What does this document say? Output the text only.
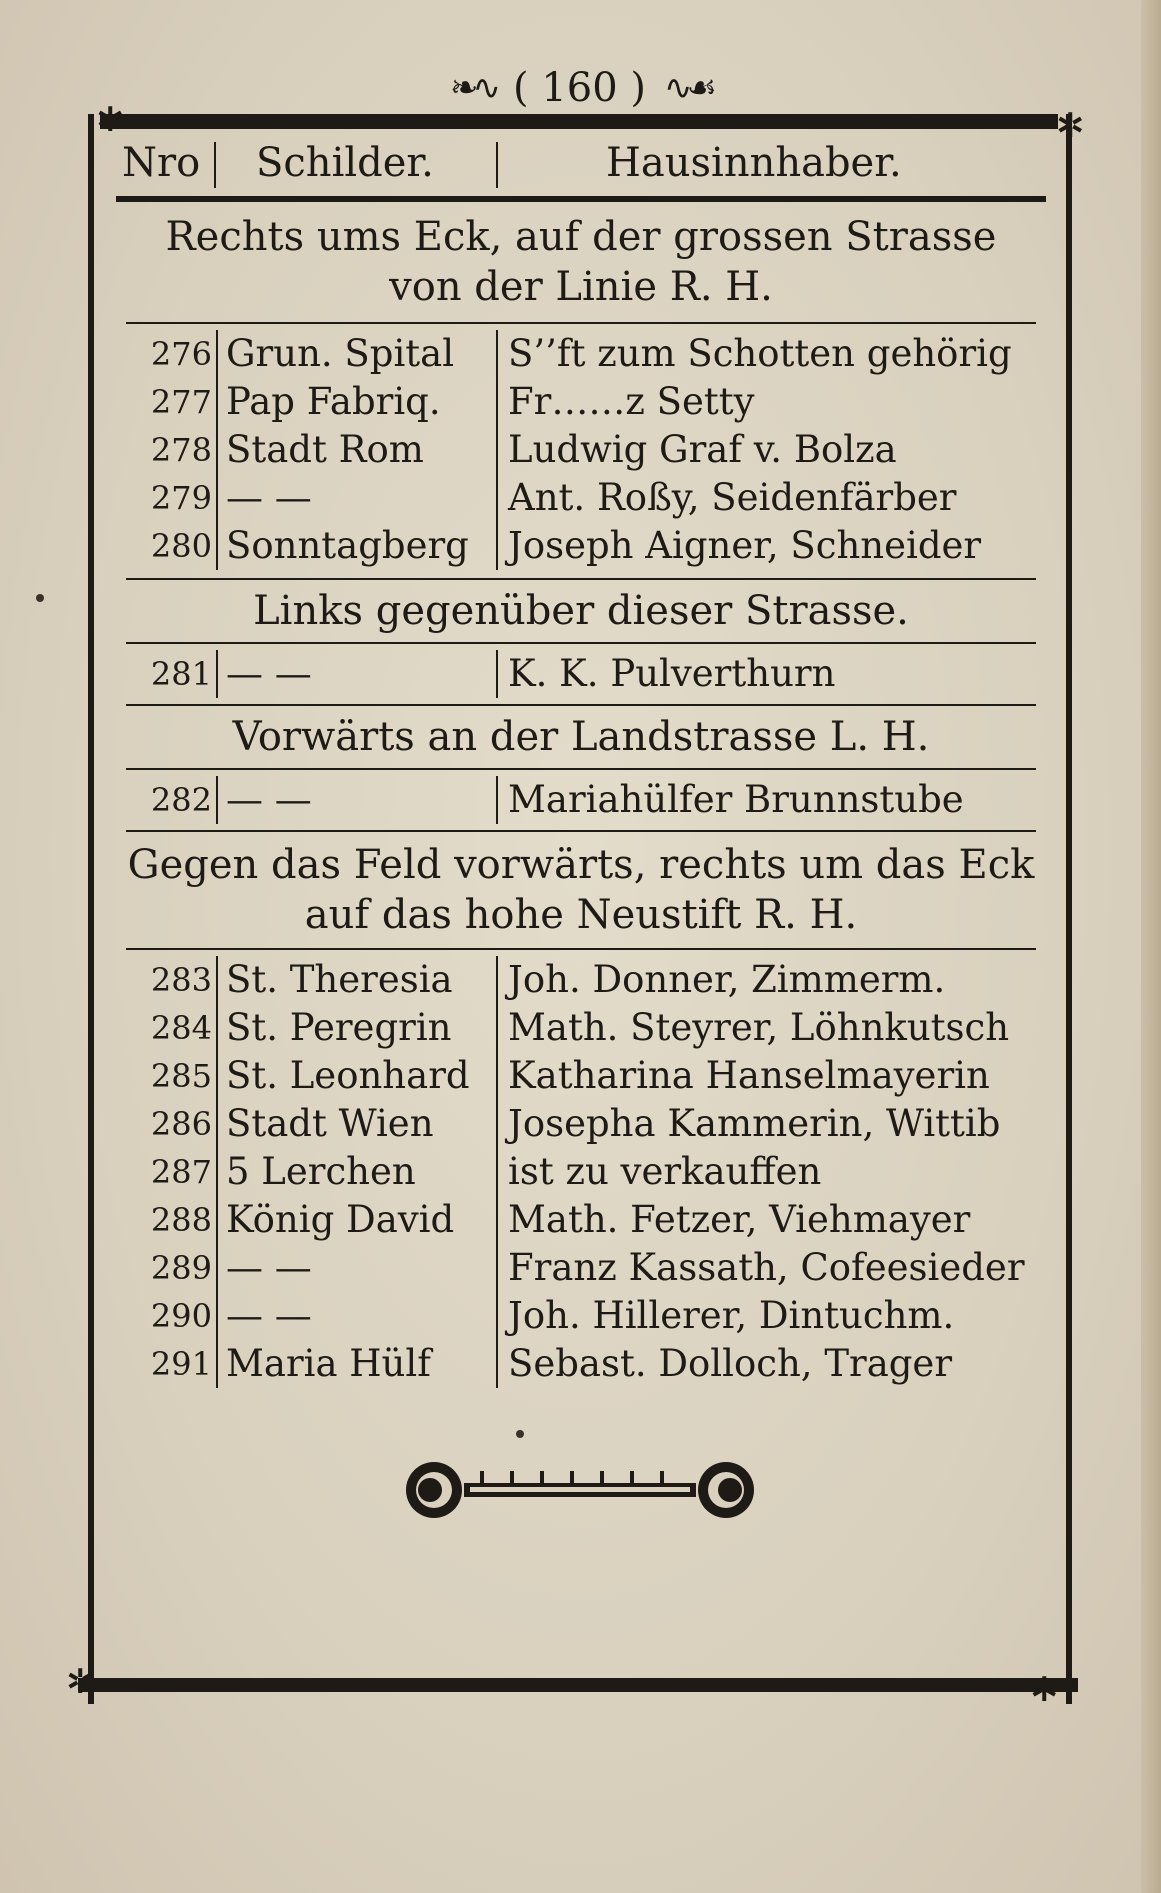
❧∿ ( 160 ) ∿☙
✲	✲
✲	✲
Nro Schilder.	Hausinnhaber.
Rechts ums Eck, auf der grossen Strasse von der Linie R. H.
276 Grun. Spital	S’’ft zum Schotten gehörig
277 Pap Fabriq.	Fr……z Setty
278 Stadt Rom	Ludwig Graf v. Bolza
279 — —	Ant. Roßy, Seidenfärber
280 Sonntagberg	Joseph Aigner, Schneider
Links gegenüber dieser Strasse.
281 — —	K. K. Pulverthurn
Vorwärts an der Landstrasse L. H.
282 — —	Mariahülfer Brunnstube
Gegen das Feld vorwärts, rechts um das Eck auf das hohe Neustift R. H.
283 St. Theresia	Joh. Donner, Zimmerm.
284 St. Peregrin	Math. Steyrer, Löhnkutsch
285 St. Leonhard	Katharina Hanselmayerin
286 Stadt Wien	Josepha Kammerin, Wittib
287 5 Lerchen	ist zu verkauffen
288 König David	Math. Fetzer, Viehmayer
289 — —	Franz Kassath, Cofeesieder
290 — —	Joh. Hillerer, Dintuchm.
291 Maria Hülf	Sebast. Dolloch, Trager
